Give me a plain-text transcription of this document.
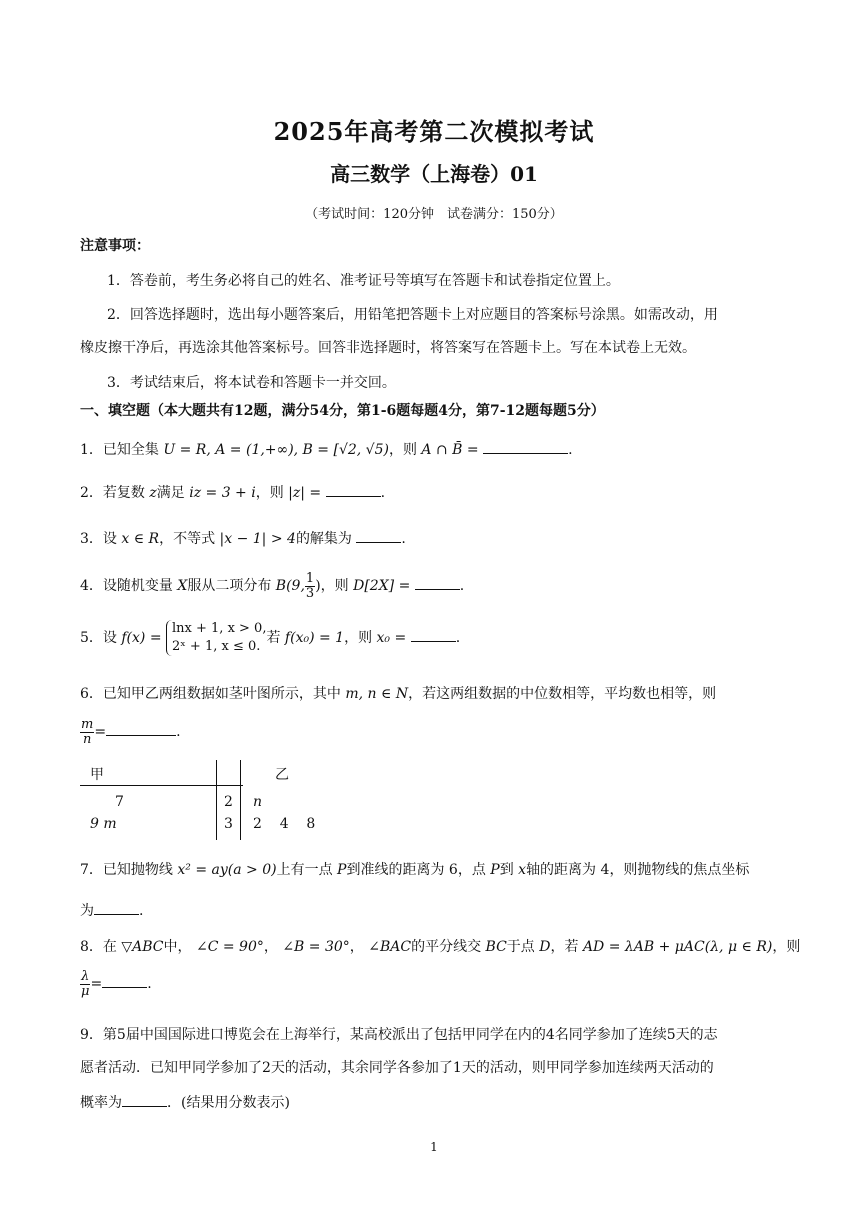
2025年高考第二次模拟考试
高三数学（上海卷）01
（考试时间：120分钟　试卷满分：150分）
注意事项：
1．答卷前，考生务必将自己的姓名、准考证号等填写在答题卡和试卷指定位置上。
2．回答选择题时，选出每小题答案后，用铅笔把答题卡上对应题目的答案标号涂黑。如需改动，用
橡皮擦干净后，再选涂其他答案标号。回答非选择题时，将答案写在答题卡上。写在本试卷上无效。
3．考试结束后，将本试卷和答题卡一并交回。
一、填空题（本大题共有12题，满分54分，第1-6题每题4分，第7-12题每题5分）
1．已知全集 U = R, A = (1,+∞), B = [√2, √5)，则 A ∩ B̄ =	.
2．若复数 z满足 iz = 3 + i，则 |z| =	.
3．设 x ∈ R，不等式 |x − 1| > 4的解集为	.
4．设随机变量 X服从二项分布 B(9, $\frac{1}{3}$ )，则 D[2X] =	.
5．设 f(x) =
lnx + 1, x > 0,
2ˣ + 1, x ≤ 0.
若 f(x₀) = 1，则 x₀ =	.
6．已知甲乙两组数据如茎叶图所示，其中 m, n ∈ N，若这两组数据的中位数相等，平均数也相等，则
$\frac{m}{n}$ =	.
甲	乙
7	2 n
9 m	3 2    4    8
7．已知抛物线 x² = ay(a > 0)上有一点 P到准线的距离为 6，点 P到 x轴的距离为 4，则抛物线的焦点坐标
为	.
8．在 ▽ABC中， ∠C = 90°， ∠B = 30°， ∠BAC的平分线交 BC于点 D，若 AD = λAB + μAC(λ, μ ∈ R)，则
$\frac{\lambda}{\mu}$ =	.
9．第5届中国国际进口博览会在上海举行，某高校派出了包括甲同学在内的4名同学参加了连续5天的志
愿者活动．已知甲同学参加了2天的活动，其余同学各参加了1天的活动，则甲同学参加连续两天活动的
概率为	．(结果用分数表示)
1
